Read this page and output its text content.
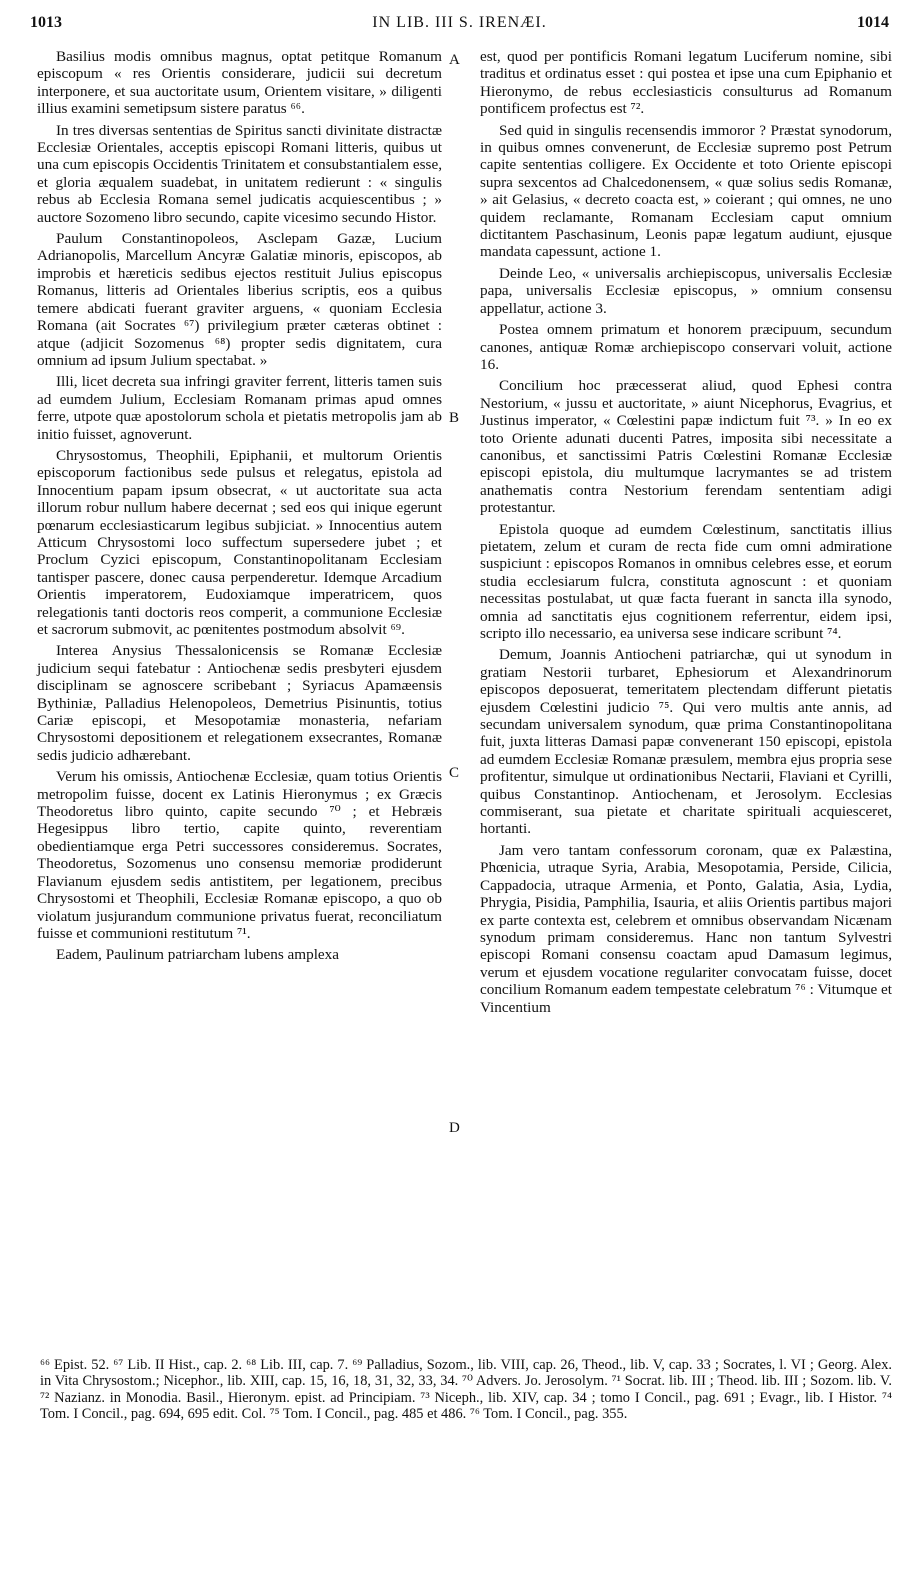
1013	IN LIB. III S. IRENÆI.	1014

Basilius modis omnibus magnus, optat petitque Romanum episcopum « res Orientis considerare, judicii sui decretum interponere, et sua auctoritate usum, Orientem visitare, » diligenti illius examini semetipsum sistere paratus ⁶⁶.

In tres diversas sententias de Spiritus sancti divinitate distractæ Ecclesiæ Orientales, acceptis episcopi Romani litteris, quibus ut una cum episcopis Occidentis Trinitatem et consubstantialem esse, et gloria æqualem suadebat, in unitatem redierunt : « singulis rebus ab Ecclesia Romana semel judicatis acquiescentibus ; » auctore Sozomeno libro secundo, capite vicesimo secundo Histor.

Paulum Constantinopoleos, Asclepam Gazæ, Lucium Adrianopolis, Marcellum Ancyræ Galatiæ minoris, episcopos, ab improbis et hæreticis sedibus ejectos restituit Julius episcopus Romanus, litteris ad Orientales liberius scriptis, eos a quibus temere abdicati fuerant graviter arguens, « quoniam Ecclesia Romana (ait Socrates ⁶⁷) privilegium præter cæteras obtinet : atque (adjicit Sozomenus ⁶⁸) propter sedis dignitatem, cura omnium ad ipsum Julium spectabat. »

Illi, licet decreta sua infringi graviter ferrent, litteris tamen suis ad eumdem Julium, Ecclesiam Romanam primas apud omnes ferre, utpote quæ apostolorum schola et pietatis metropolis jam ab initio fuisset, agnoverunt.

Chrysostomus, Theophili, Epiphanii, et multorum Orientis episcoporum factionibus sede pulsus et relegatus, epistola ad Innocentium papam ipsum obsecrat, « ut auctoritate sua acta illorum robur nullum habere decernat ; sed eos qui inique egerunt pœnarum ecclesiasticarum legibus subjiciat. » Innocentius autem Atticum Chrysostomi loco suffectum supersedere jubet ; et Proclum Cyzici episcopum, Constantinopolitanam Ecclesiam tantisper pascere, donec causa perpenderetur. Idemque Arcadium Orientis imperatorem, Eudoxiamque imperatricem, quos relegationis tanti doctoris reos comperit, a communione Ecclesiæ et sacrorum submovit, ac pœnitentes postmodum absolvit ⁶⁹.

Interea Anysius Thessalonicensis se Romanæ Ecclesiæ judicium sequi fatebatur : Antiochenæ sedis presbyteri ejusdem disciplinam se agnoscere scribebant ; Syriacus Apamæensis Bythiniæ, Palladius Helenopoleos, Demetrius Pisinuntis, totius Cariæ episcopi, et Mesopotamiæ monasteria, nefariam Chrysostomi depositionem et relegationem exsecrantes, Romanæ sedis judicio adhærebant.

Verum his omissis, Antiochenæ Ecclesiæ, quam totius Orientis metropolim fuisse, docent ex Latinis Hieronymus ; ex Græcis Theodoretus libro quinto, capite secundo ⁷⁰ ; et Hebræis Hegesippus libro tertio, capite quinto, reverentiam obedientiamque erga Petri successores consideremus. Socrates, Theodoretus, Sozomenus uno consensu memoriæ prodiderunt Flavianum ejusdem sedis antistitem, per legationem, precibus Chrysostomi et Theophili, Ecclesiæ Romanæ episcopo, a quo ob violatum jusjurandum communione privatus fuerat, reconciliatum fuisse et communioni restitutum ⁷¹.

Eadem, Paulinum patriarcham lubens amplexa

A
B
C
D

est, quod per pontificis Romani legatum Luciferum nomine, sibi traditus et ordinatus esset : qui postea et ipse una cum Epiphanio et Hieronymo, de rebus ecclesiasticis consulturus ad Romanum pontificem profectus est ⁷².

Sed quid in singulis recensendis immoror ? Præstat synodorum, in quibus omnes convenerunt, de Ecclesiæ supremo post Petrum capite sententias colligere. Ex Occidente et toto Oriente episcopi supra sexcentos ad Chalcedonensem, « quæ solius sedis Romanæ, » ait Gelasius, « decreto coacta est, » coierant ; qui omnes, ne uno quidem reclamante, Romanam Ecclesiam caput omnium dictitantem Paschasinum, Leonis papæ legatum audiunt, ejusque mandata capessunt, actione 1.

Deinde Leo, « universalis archiepiscopus, universalis Ecclesiæ papa, universalis Ecclesiæ episcopus, » omnium consensu appellatur, actione 3.

Postea omnem primatum et honorem præcipuum, secundum canones, antiquæ Romæ archiepiscopo conservari voluit, actione 16.

Concilium hoc præcesserat aliud, quod Ephesi contra Nestorium, « jussu et auctoritate, » aiunt Nicephorus, Evagrius, et Justinus imperator, « Cœlestini papæ indictum fuit ⁷³. » In eo ex toto Oriente adunati ducenti Patres, imposita sibi necessitate a canonibus, et sanctissimi Patris Cœlestini Romanæ Ecclesiæ episcopi epistola, diu multumque lacrymantes se ad tristem anathematis contra Nestorium ferendam sententiam adigi protestantur.

Epistola quoque ad eumdem Cœlestinum, sanctitatis illius pietatem, zelum et curam de recta fide cum omni admiratione suspiciunt : episcopos Romanos in omnibus celebres esse, et eorum studia ecclesiarum fulcra, constituta agnoscunt : et quoniam necessitas postulabat, ut quæ facta fuerant in sancta illa synodo, omnia ad sanctitatis ejus cognitionem referrentur, eidem ipsi, scripto illo necessario, ea universa sese indicare scribunt ⁷⁴.

Demum, Joannis Antiocheni patriarchæ, qui ut synodum in gratiam Nestorii turbaret, Ephesiorum et Alexandrinorum episcopos deposuerat, temeritatem plectendam differunt pietatis ejusdem Cœlestini judicio ⁷⁵. Qui vero multis ante annis, ad secundam universalem synodum, quæ prima Constantinopolitana fuit, juxta litteras Damasi papæ convenerant 150 episcopi, epistola ad eumdem Ecclesiæ Romanæ præsulem, membra ejus propria sese profitentur, simulque ut ordinationibus Nectarii, Flaviani et Cyrilli, quibus Constantinop. Antiochenam, et Jerosolym. Ecclesias commiserant, sua pietate et charitate spirituali acquiesceret, hortanti.

Jam vero tantam confessorum coronam, quæ ex Palæstina, Phœnicia, utraque Syria, Arabia, Mesopotamia, Perside, Cilicia, Cappadocia, utraque Armenia, et Ponto, Galatia, Asia, Lydia, Phrygia, Pisidia, Pamphilia, Isauria, et aliis Orientis partibus majori ex parte contexta est, celebrem et omnibus observandam Nicænam synodum primam consideremus. Hanc non tantum Sylvestri episcopi Romani consensu coactam apud Damasum legimus, verum et ejusdem vocatione regulariter convocatam fuisse, docet concilium Romanum eadem tempestate celebratum ⁷⁶ : Vitumque et Vincentium

⁶⁶ Epist. 52. ⁶⁷ Lib. II Hist., cap. 2. ⁶⁸ Lib. III, cap. 7. ⁶⁹ Palladius, Sozom., lib. VIII, cap. 26, Theod., lib. V, cap. 33 ; Socrates, l. VI ; Georg. Alex. in Vita Chrysostom.; Nicephor., lib. XIII, cap. 15, 16, 18, 31, 32, 33, 34. ⁷⁰ Advers. Jo. Jerosolym. ⁷¹ Socrat. lib. III ; Theod. lib. III ; Sozom. lib. V. ⁷² Nazianz. in Monodia. Basil., Hieronym. epist. ad Principiam. ⁷³ Niceph., lib. XIV, cap. 34 ; tomo I Concil., pag. 691 ; Evagr., lib. I Histor. ⁷⁴ Tom. I Concil., pag. 694, 695 edit. Col. ⁷⁵ Tom. I Concil., pag. 485 et 486. ⁷⁶ Tom. I Concil., pag. 355.
